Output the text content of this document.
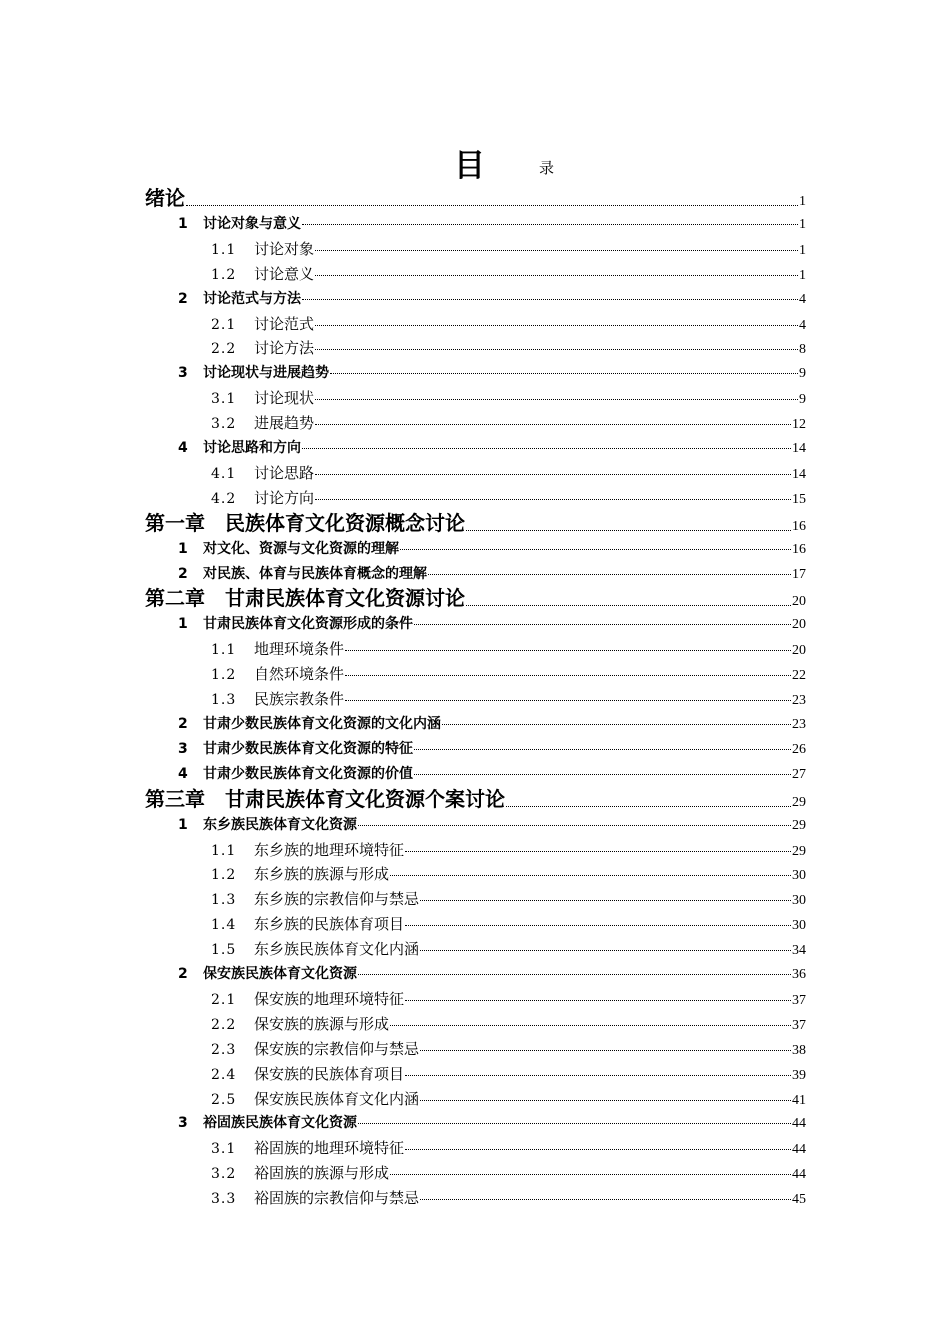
目	录
绪论	1
1	讨论对象与意义	1
1.1	讨论对象	1
1.2	讨论意义	1
2	讨论范式与方法	4
2.1	讨论范式	4
2.2	讨论方法	8
3	讨论现状与进展趋势	9
3.1	讨论现状	9
3.2	进展趋势	12
4	讨论思路和方向	14
4.1	讨论思路	14
4.2	讨论方向	15
第一章　民族体育文化资源概念讨论	16
1	对文化、资源与文化资源的理解	16
2	对民族、体育与民族体育概念的理解	17
第二章　甘肃民族体育文化资源讨论	20
1	甘肃民族体育文化资源形成的条件	20
1.1	地理环境条件	20
1.2	自然环境条件	22
1.3	民族宗教条件	23
2	甘肃少数民族体育文化资源的文化内涵	23
3	甘肃少数民族体育文化资源的特征	26
4	甘肃少数民族体育文化资源的价值	27
第三章　甘肃民族体育文化资源个案讨论	29
1	东乡族民族体育文化资源	29
1.1	东乡族的地理环境特征	29
1.2	东乡族的族源与形成	30
1.3	东乡族的宗教信仰与禁忌	30
1.4	东乡族的民族体育项目	30
1.5	东乡族民族体育文化内涵	34
2	保安族民族体育文化资源	36
2.1	保安族的地理环境特征	37
2.2	保安族的族源与形成	37
2.3	保安族的宗教信仰与禁忌	38
2.4	保安族的民族体育项目	39
2.5	保安族民族体育文化内涵	41
3	裕固族民族体育文化资源	44
3.1	裕固族的地理环境特征	44
3.2	裕固族的族源与形成	44
3.3	裕固族的宗教信仰与禁忌	45
